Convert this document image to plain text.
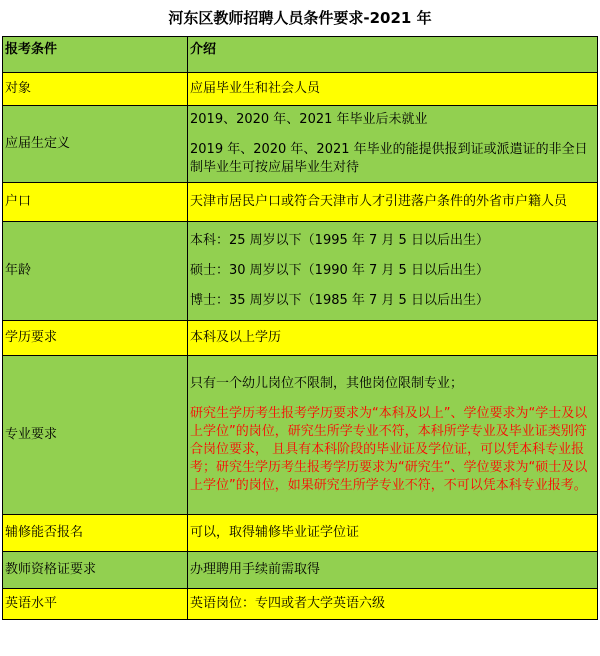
河东区教师招聘人员条件要求-2021 年
报考条件	介绍
对象	应届毕业生和社会人员
应届生定义	2019、2020 年、2021 年毕业后未就业

2019 年、2020 年、2021 年毕业的能提供报到证或派遣证的非全日制毕业生可按应届毕业生对待

户口	天津市居民户口或符合天津市人才引进落户条件的外省市户籍人员
年龄	本科：25 周岁以下（1995 年 7 月 5 日以后出生）

硕士：30 周岁以下（1990 年 7 月 5 日以后出生）

博士：35 周岁以下（1985 年 7 月 5 日以后出生）

学历要求	本科及以上学历
专业要求	只有一个幼儿岗位不限制，其他岗位限制专业；

研究生学历考生报考学历要求为“本科及以上”、学位要求为“学士及以上学位”的岗位，研究生所学专业不符，本科所学专业及毕业证类别符合岗位要求， 且具有本科阶段的毕业证及学位证，可以凭本科专业报考；研究生学历考生报考学历要求为“研究生”、学位要求为“硕士及以上学位”的岗位，如果研究生所学专业不符，不可以凭本科专业报考。

辅修能否报名	可以，取得辅修毕业证学位证
教师资格证要求	办理聘用手续前需取得
英语水平	英语岗位：专四或者大学英语六级
